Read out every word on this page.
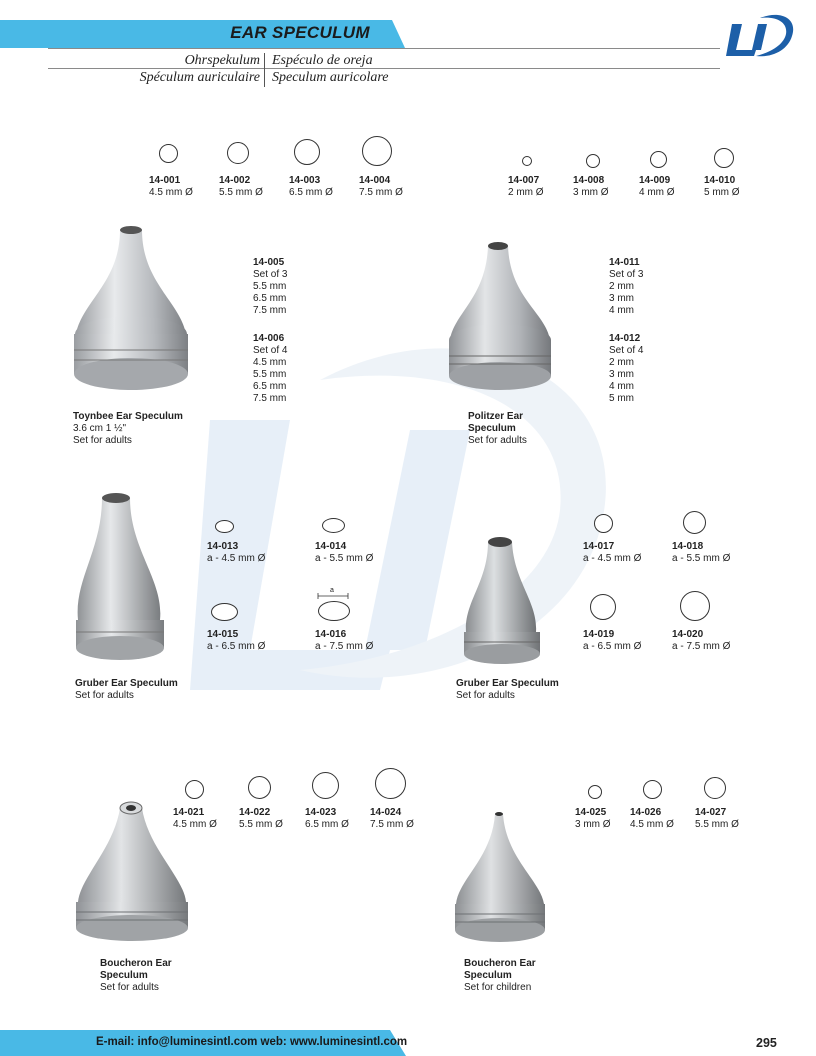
EAR SPECULUM
Ohrspekulum Espéculo de oreja
Spéculum auriculaire Speculum auricolare
LI
14-001
4.5 mm Ø
14-002
5.5 mm Ø
14-003
6.5 mm Ø
14-004
7.5 mm Ø
14-007
2 mm Ø
14-008
3 mm Ø
14-009
4 mm Ø
14-010
5 mm Ø
14-005
Set of 3
5.5 mm
6.5 mm
7.5 mm
14-006
Set of 4
4.5 mm
5.5 mm
6.5 mm
7.5 mm
Toynbee Ear Speculum
3.6 cm 1 ½"
Set for adults
14-011
Set of 3
2 mm
3 mm
4 mm
14-012
Set of 4
2 mm
3 mm
4 mm
5 mm
Politzer Ear
Speculum
Set for adults
a
14-013
a - 4.5 mm Ø
14-014
a - 5.5 mm Ø
14-015
a - 6.5 mm Ø
14-016
a - 7.5 mm Ø
Gruber Ear Speculum
Set for adults
14-017
a - 4.5 mm Ø
14-018
a - 5.5 mm Ø
14-019
a - 6.5 mm Ø
14-020
a - 7.5 mm Ø
Gruber Ear Speculum
Set for adults
14-021
4.5 mm Ø
14-022
5.5 mm Ø
14-023
6.5 mm Ø
14-024
7.5 mm Ø
Boucheron Ear
Speculum
Set for adults
14-025
3 mm Ø
14-026
4.5 mm Ø
14-027
5.5 mm Ø
Boucheron Ear
Speculum
Set for children
E-mail: info@luminesintl.com web: www.luminesintl.com	295
